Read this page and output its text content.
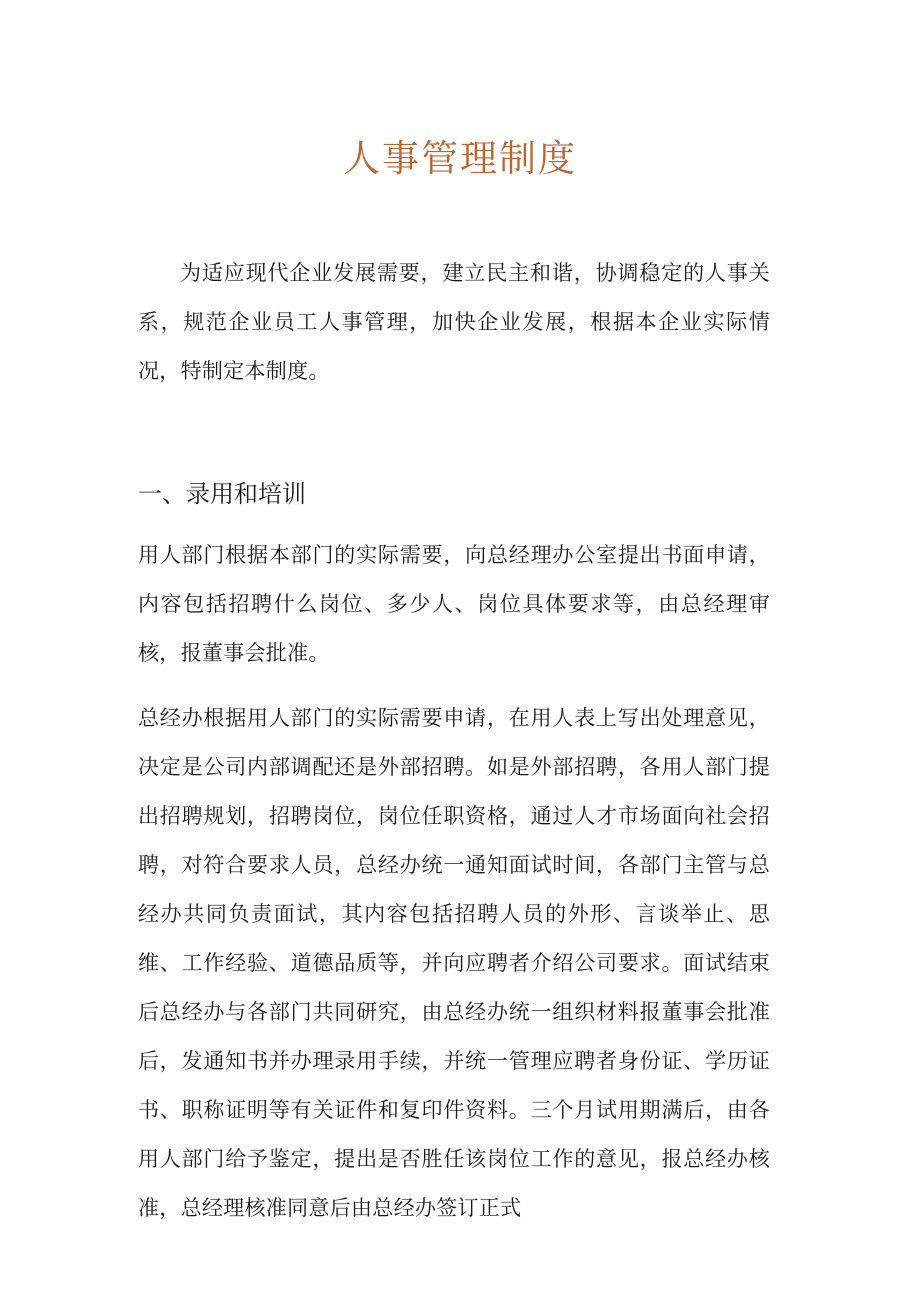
人事管理制度
为适应现代企业发展需要，建立民主和谐，协调稳定的人事关系，规范企业员工人事管理，加快企业发展，根据本企业实际情况，特制定本制度。
一、录用和培训
用人部门根据本部门的实际需要，向总经理办公室提出书面申请，内容包括招聘什么岗位、多少人、岗位具体要求等，由总经理审核，报董事会批准。
总经办根据用人部门的实际需要申请，在用人表上写出处理意见，决定是公司内部调配还是外部招聘。如是外部招聘，各用人部门提出招聘规划，招聘岗位，岗位任职资格，通过人才市场面向社会招聘，对符合要求人员，总经办统一通知面试时间，各部门主管与总经办共同负责面试，其内容包括招聘人员的外形、言谈举止、思维、工作经验、道德品质等，并向应聘者介绍公司要求。面试结束后总经办与各部门共同研究，由总经办统一组织材料报董事会批准后，发通知书并办理录用手续，并统一管理应聘者身份证、学历证书、职称证明等有关证件和复印件资料。三个月试用期满后，由各用人部门给予鉴定，提出是否胜任该岗位工作的意见，报总经办核准，总经理核准同意后由总经办签订正式
